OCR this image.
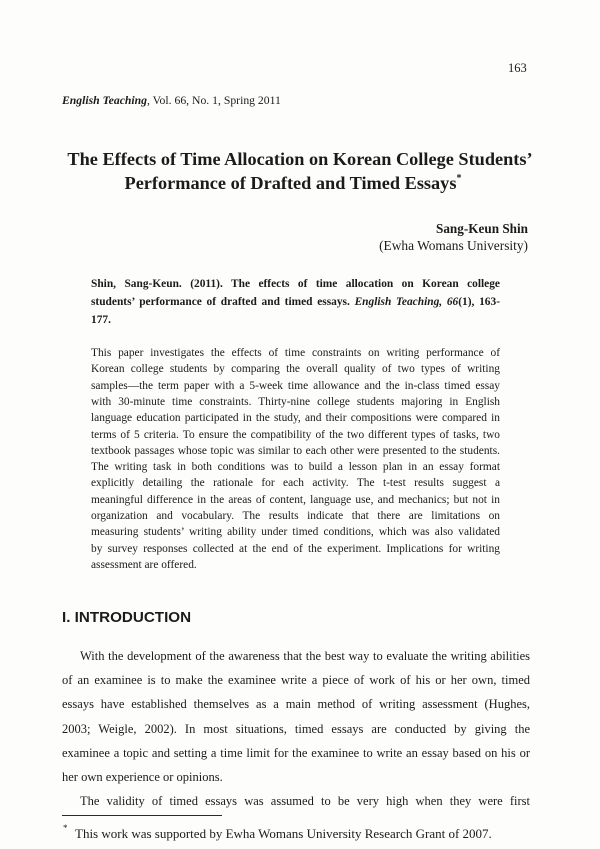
163
English Teaching, Vol. 66, No. 1, Spring 2011
The Effects of Time Allocation on Korean College Students’
Performance of Drafted and Timed Essays*
Sang-Keun Shin
(Ewha Womans University)
Shin, Sang-Keun. (2011). The effects of time allocation on Korean college
students’ performance of drafted and timed essays. English Teaching, 66(1), 163-
177.
This paper investigates the effects of time constraints on writing performance of
Korean college students by comparing the overall quality of two types of writing
samples—the term paper with a 5-week time allowance and the in-class timed essay
with 30-minute time constraints. Thirty-nine college students majoring in English
language education participated in the study, and their compositions were compared in
terms of 5 criteria. To ensure the compatibility of the two different types of tasks, two
textbook passages whose topic was similar to each other were presented to the students.
The writing task in both conditions was to build a lesson plan in an essay format
explicitly detailing the rationale for each activity. The t-test results suggest a
meaningful difference in the areas of content, language use, and mechanics; but not in
organization and vocabulary. The results indicate that there are limitations on
measuring students’ writing ability under timed conditions, which was also validated
by survey responses collected at the end of the experiment. Implications for writing
assessment are offered.
I. INTRODUCTION
With the development of the awareness that the best way to evaluate the writing abilities
of an examinee is to make the examinee write a piece of work of his or her own, timed
essays have established themselves as a main method of writing assessment (Hughes,
2003; Weigle, 2002). In most situations, timed essays are conducted by giving the
examinee a topic and setting a time limit for the examinee to write an essay based on his or
her own experience or opinions.
The validity of timed essays was assumed to be very high when they were first
* This work was supported by Ewha Womans University Research Grant of 2007.
